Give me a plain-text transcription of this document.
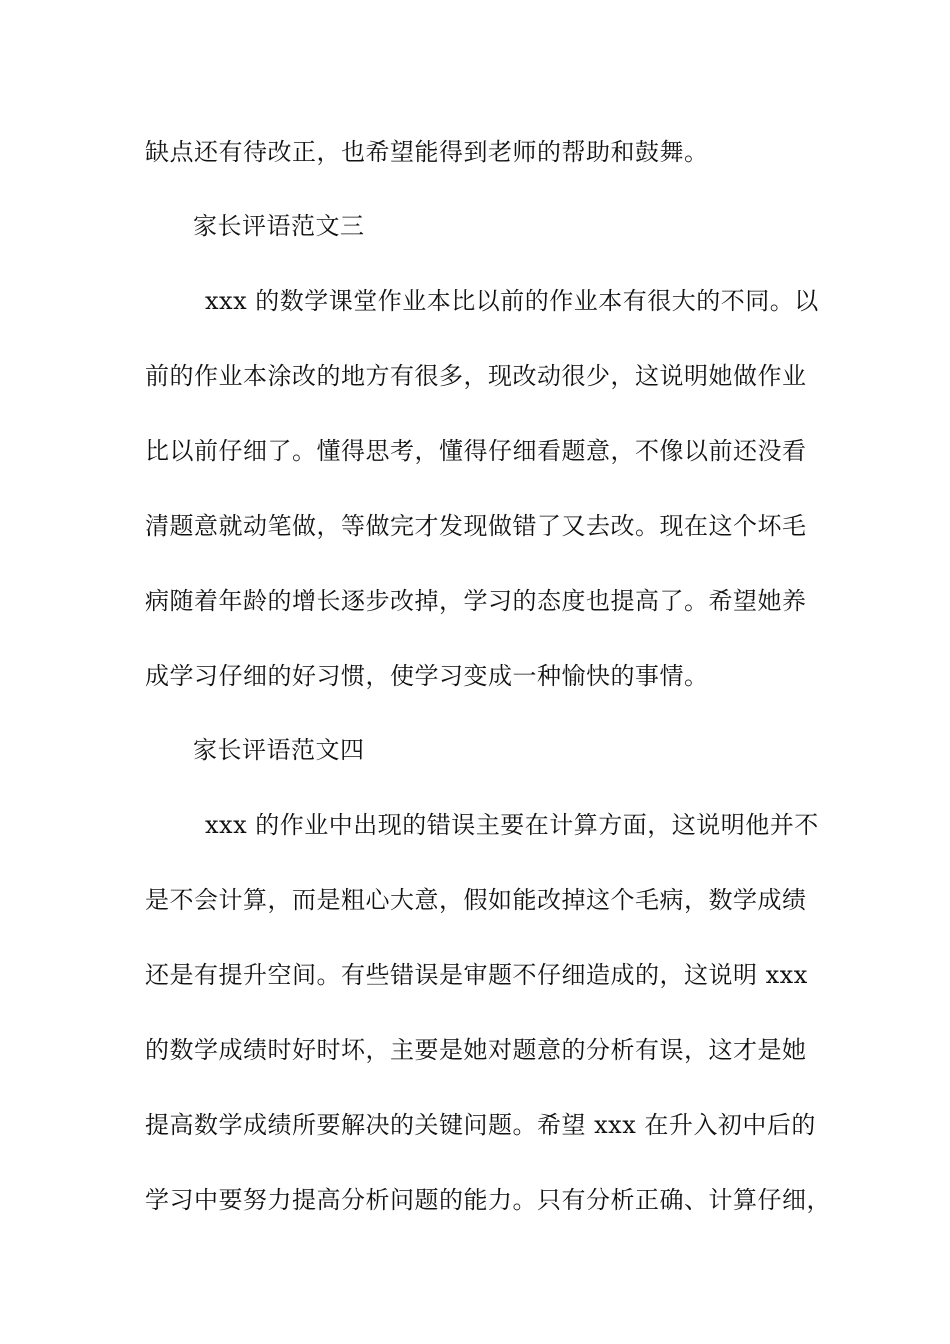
缺点还有待改正，也希望能得到老师的帮助和鼓舞。
家长评语范文三
xxx 的数学课堂作业本比以前的作业本有很大的不同。以
前的作业本涂改的地方有很多，现改动很少，这说明她做作业
比以前仔细了。懂得思考，懂得仔细看题意，不像以前还没看
清题意就动笔做，等做完才发现做错了又去改。现在这个坏毛
病随着年龄的增长逐步改掉，学习的态度也提高了。希望她养
成学习仔细的好习惯，使学习变成一种愉快的事情。
家长评语范文四
xxx 的作业中出现的错误主要在计算方面，这说明他并不
是不会计算，而是粗心大意，假如能改掉这个毛病，数学成绩
还是有提升空间。有些错误是审题不仔细造成的，这说明 xxx
的数学成绩时好时坏，主要是她对题意的分析有误，这才是她
提高数学成绩所要解决的关键问题。希望 xxx 在升入初中后的
学习中要努力提高分析问题的能力。只有分析正确、计算仔细，
